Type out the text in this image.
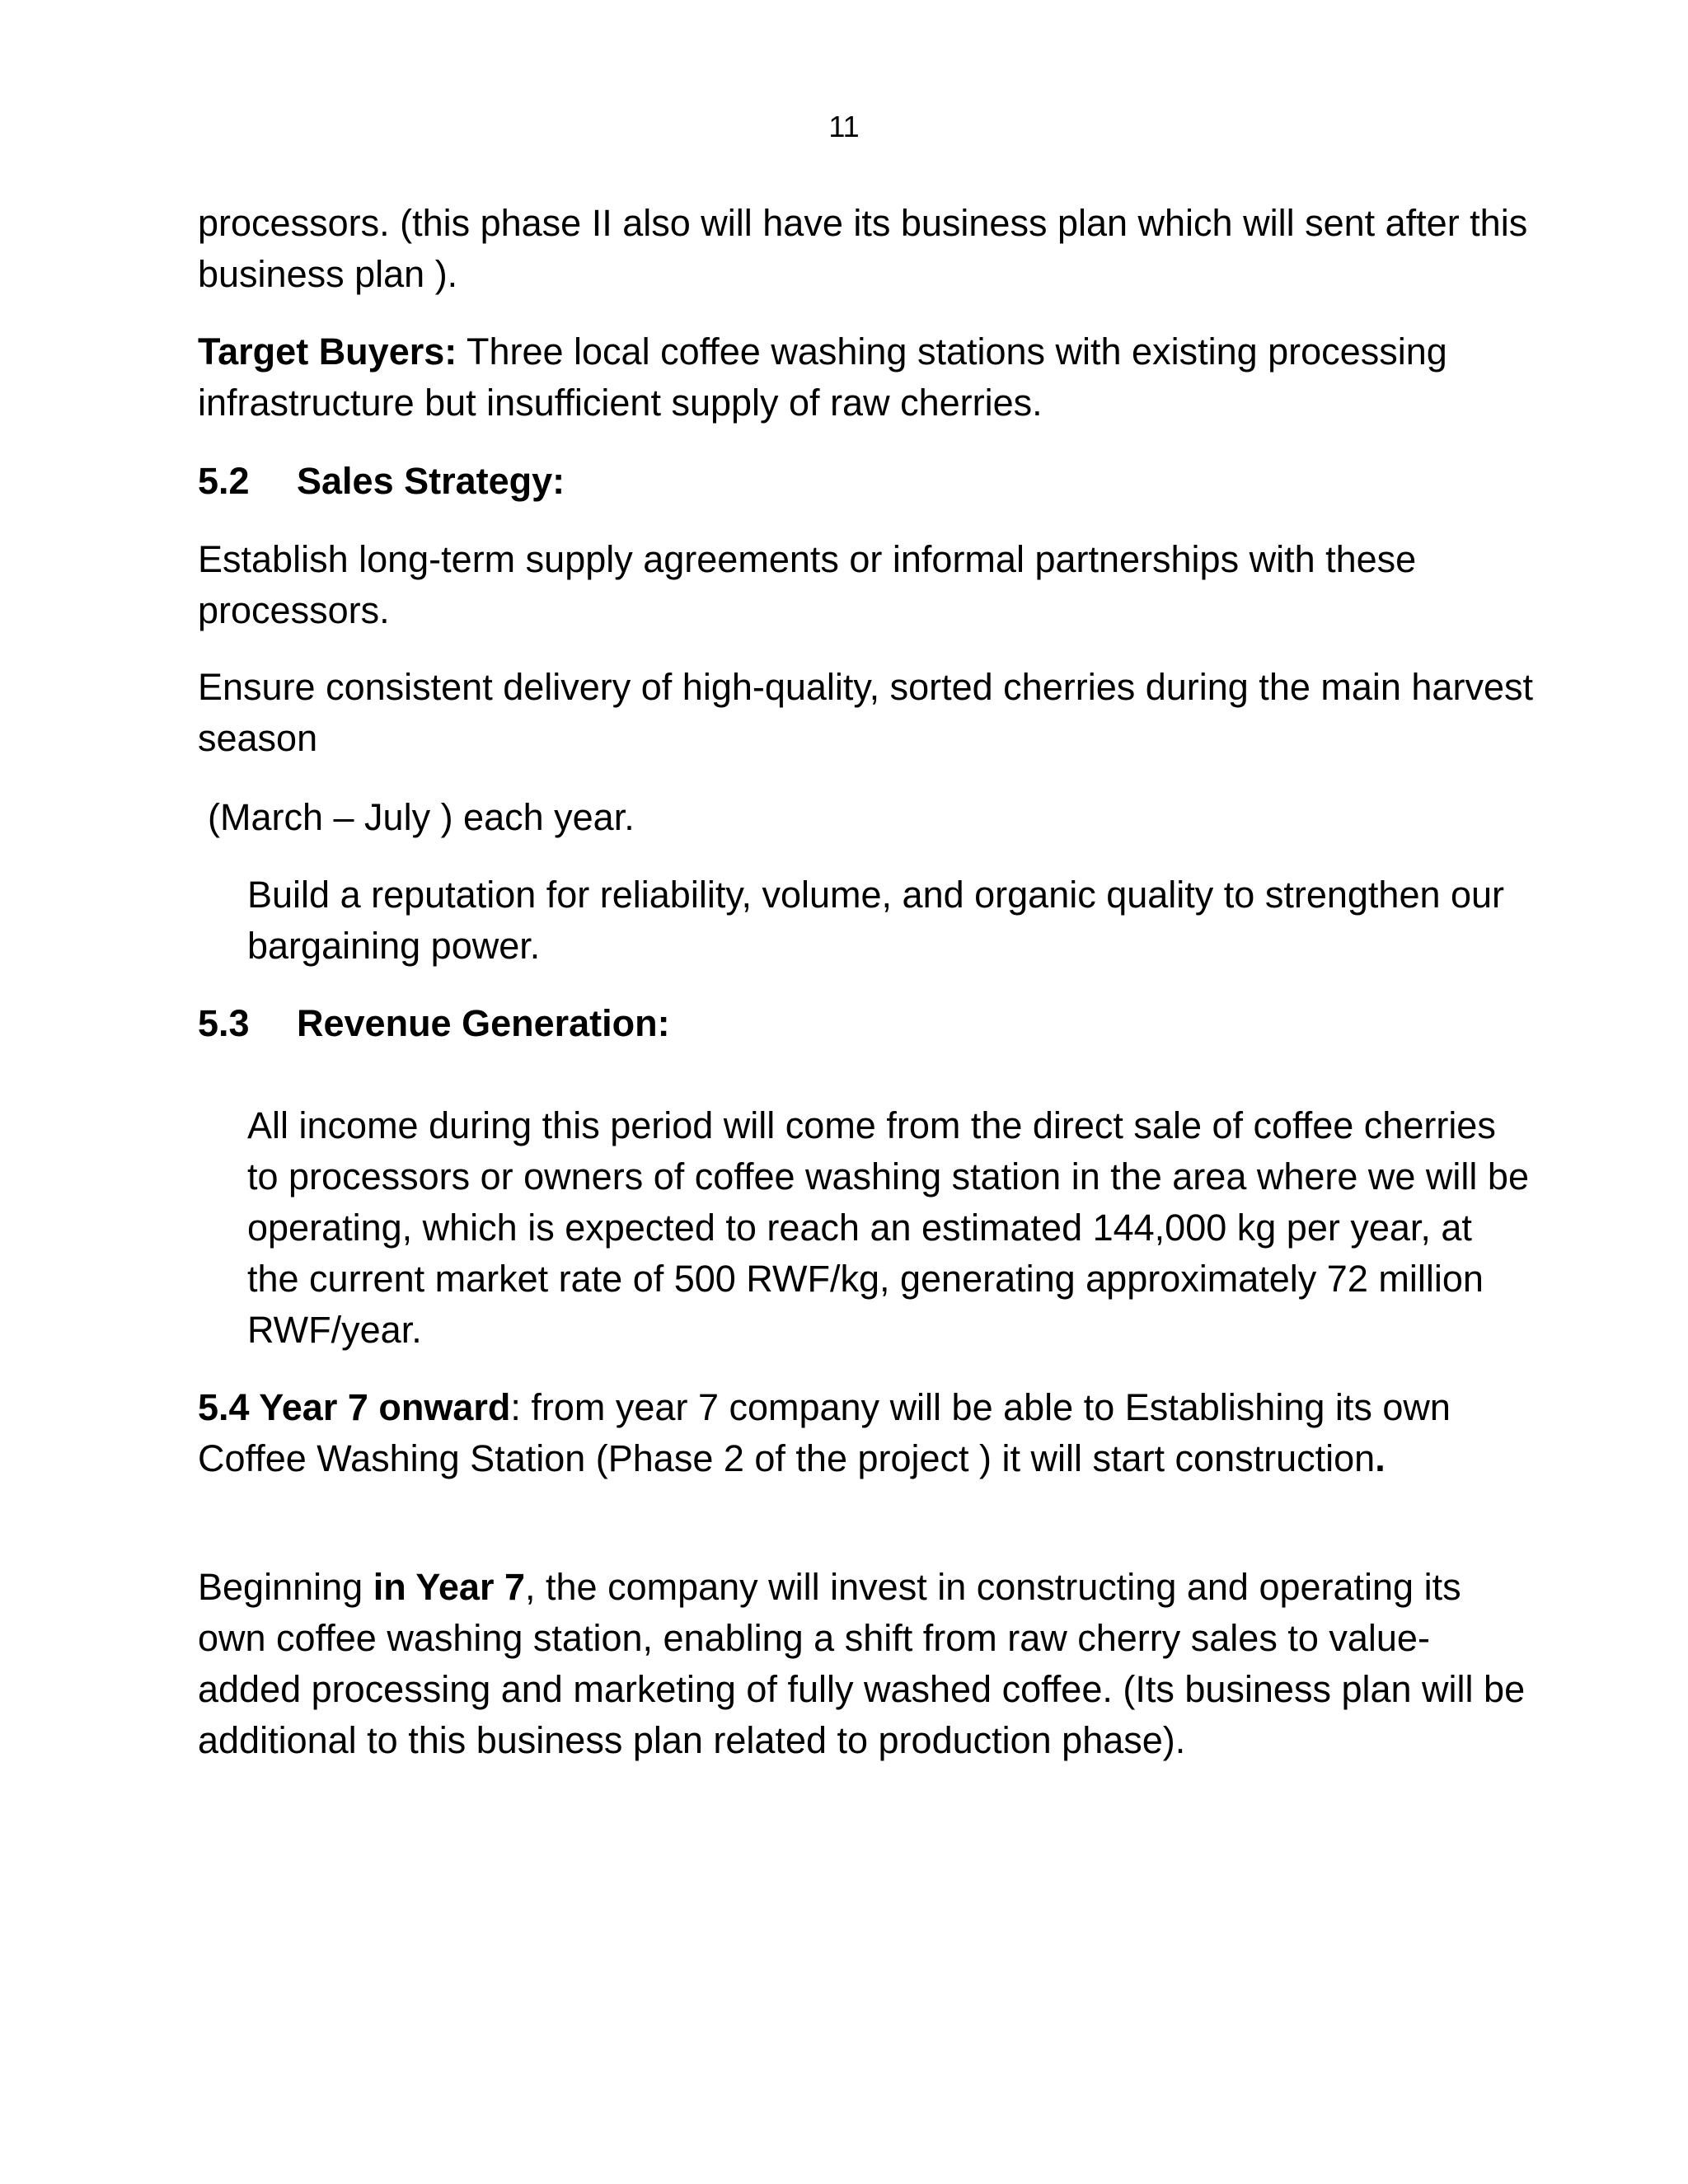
11

processors. (this phase II also will have its business plan which will sent after this business plan ).

Target Buyers: Three local coffee washing stations with existing processing infrastructure but insufficient supply of raw cherries.

5.2 Sales Strategy:

Establish long-term supply agreements or informal partnerships with these processors.

Ensure consistent delivery of high-quality, sorted cherries during the main harvest season

(March – July ) each year.

Build a reputation for reliability, volume, and organic quality to strengthen our bargaining power.

5.3 Revenue Generation:

All income during this period will come from the direct sale of coffee cherries to processors or owners of coffee washing station in the area where we will be operating, which is expected to reach an estimated 144,000 kg per year, at the current market rate of 500 RWF/kg, generating approximately 72 million RWF/year.

5.4 Year 7 onward: from year 7 company will be able to Establishing its own Coffee Washing Station (Phase 2 of the project ) it will start construction.

Beginning in Year 7, the company will invest in constructing and operating its own coffee washing station, enabling a shift from raw cherry sales to value-added processing and marketing of fully washed coffee. (Its business plan will be additional to this business plan related to production phase).
